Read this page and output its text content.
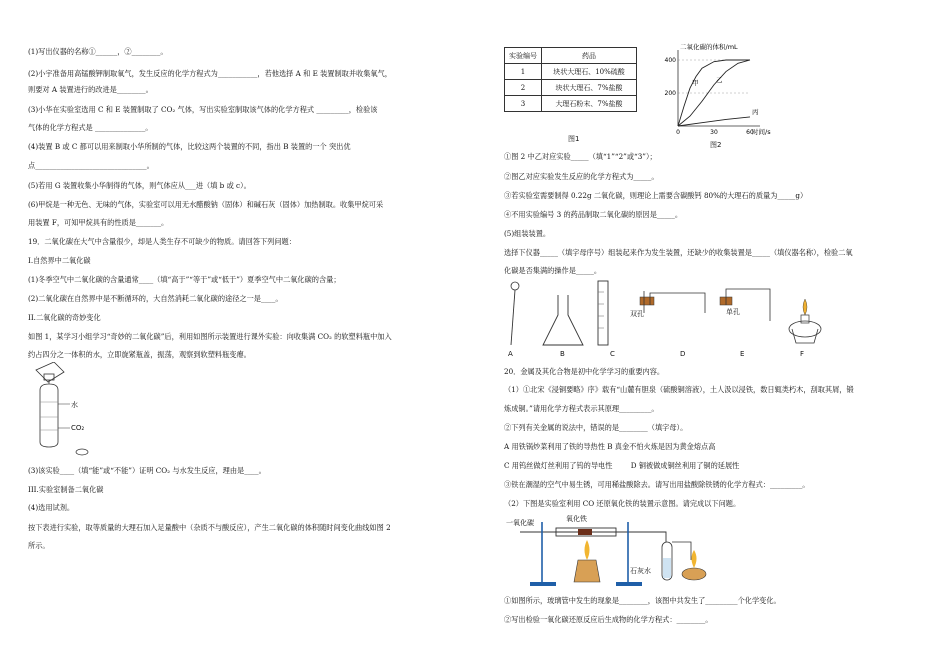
(1)写出仪器的名称①______，②________。
(2)小宇准备用高锰酸钾制取氧气，发生反应的化学方程式为___________，若他选择 A 和 E 装置制取并收集氧气，
则要对 A 装置进行的改进是________。
(3)小华在实验室选用 C 和 E 装置制取了 CO₂ 气体，写出实验室制取该气体的化学方程式 _________，检验该
气体的化学方程式是 ______________。
(4)装置 B 或 C 都可以用来制取小华所制的气体，比较这两个装置的不同，指出 B 装置的一个 突出优
点_______________________________。
(5)若用 G 装置收集小华制得的气体，则气体应从___进（填 b 或 c）。
(6)甲烷是一种无色、无味的气体，实验室可以用无水醋酸钠（固体）和碱石灰（固体）加热制取。收集甲烷可采
用装置 F，可知甲烷具有的性质是_______。
19．二氧化碳在大气中含量很少，却是人类生存不可缺少的物质。请回答下列问题：
I.自然界中二氧化碳
(1)冬季空气中二氧化碳的含量通常____（填“高于”“等于”或“低于”）夏季空气中二氧化碳的含量；
(2)二氧化碳在自然界中是不断循环的，大自然消耗二氧化碳的途径之一是____。
II.二氧化碳的奇妙变化
如图 1，某学习小组学习“奇妙的二氧化碳”后，利用如图所示装置进行课外实验：向收集满 CO₂ 的软塑料瓶中加入
约占四分之一体积的水，立即旋紧瓶盖，振荡，观察到软塑料瓶变瘪。
水
CO₂
(3)该实验____（填“能”或“不能”）证明 CO₂ 与水发生反应，理由是____。
III.实验室制备二氧化碳
(4)选用试剂。
按下表进行实验，取等质量的大理石加入足量酸中（杂质不与酸反应），产生二氧化碳的体积随时间变化曲线如图 2
所示。
实验编号	药品
1	块状大理石、10%硫酸
2	块状大理石、7%盐酸
3	大理石粉末、7%盐酸
图1
200
400
0	30	60
二氧化碳的体积/mL
时间/s
甲	乙
丙
图2
①图 2 中乙对应实验_____（填“1”“2”或“3”）；
②图乙对应实验发生反应的化学方程式为_____。
③若实验室需要制得 0.22g 二氧化碳，则理论上需要含碳酸钙 80%的大理石的质量为_____g）
④不用实验编号 3 的药品制取二氧化碳的原因是_____。
(5)组装装置。
选择下仪器_____（填字母序号）组装起来作为发生装置，还缺少的收集装置是_____（填仪器名称），检验二氧
化碳是否集满的操作是_____。
双孔	单孔
A	B	C	D	E	F
20．金属及其化合物是初中化学学习的重要内容。
（1）①北宋《浸铜要略》序》载有“山麓有胆泉（硫酸铜溶液），土人汲以浸铁，数日辄类朽木，刮取其屑，锻
炼成铜。”请用化学方程式表示其原理_________。
②下列有关金属的说法中，错误的是________（填字母）。
A 用铁锅炒菜利用了铁的导热性 B 真金不怕火炼是因为黄金熔点高
C 用钨丝做灯丝利用了钨的导电性        D 铜被做成铜丝利用了铜的延展性
③铁在潮湿的空气中易生锈，可用稀盐酸除去。请写出用盐酸除铁锈的化学方程式：_________。
（2）下图是实验室利用 CO 还原氧化铁的装置示意图。请完成以下问题。
一氧化碳	氧化铁
石灰水
①如图所示，玻璃管中发生的现象是________，该图中共发生了_________个化学变化。
②写出检验一氧化碳还原反应后生成物的化学方程式：________。
